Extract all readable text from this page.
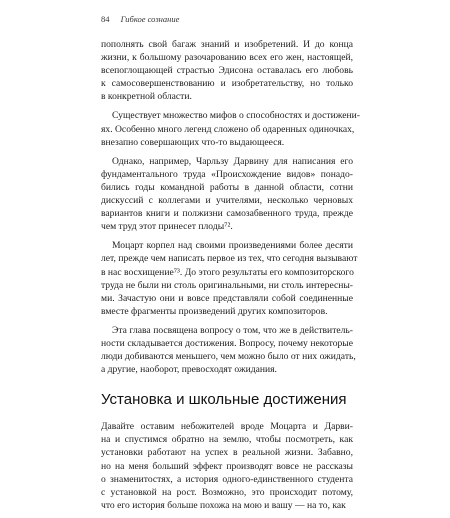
84 Гибкое сознание

пополнять свой багаж знаний и изобретений. И до конца
жизни, к большому разочарованию всех его жен, настоящей,
всепоглощающей страстью Эдисона оставалась его любовь
к самосовершенствованию и изобретательству, но только
в конкретной области.

Существует множество мифов о способностях и достижени-
ях. Особенно много легенд сложено об одаренных одиночках,
внезапно совершающих что-то выдающееся.

Однако, например, Чарльзу Дарвину для написания его
фундаментального труда «Происхождение видов» понадо-
бились годы командной работы в данной области, сотни
дискуссий с коллегами и учителями, несколько черновых
вариантов книги и полжизни самозабвенного труда, прежде
чем труд этот принесет плоды⁷².

Моцарт корпел над своими произведениями более десяти
лет, прежде чем написать первое из тех, что сегодня вызывают
в нас восхищение⁷³. До этого результаты его композиторского
труда не были ни столь оригинальными, ни столь интересны-
ми. Зачастую они и вовсе представляли собой соединенные
вместе фрагменты произведений других композиторов.

Эта глава посвящена вопросу о том, что же в действитель-
ности складывается достижения. Вопросу, почему некоторые
люди добиваются меньшего, чем можно было от них ожидать,
а другие, наоборот, превосходят ожидания.

Установка и школьные достижения

Давайте оставим небожителей вроде Моцарта и Дарви-
на и спустимся обратно на землю, чтобы посмотреть, как
установки работают на успех в реальной жизни. Забавно,
но на меня больший эффект производят вовсе не рассказы
о знаменитостях, а история одного-единственного студента
с установкой на рост. Возможно, это происходит потому,
что его история больше похожа на мою и вашу — на то, как
